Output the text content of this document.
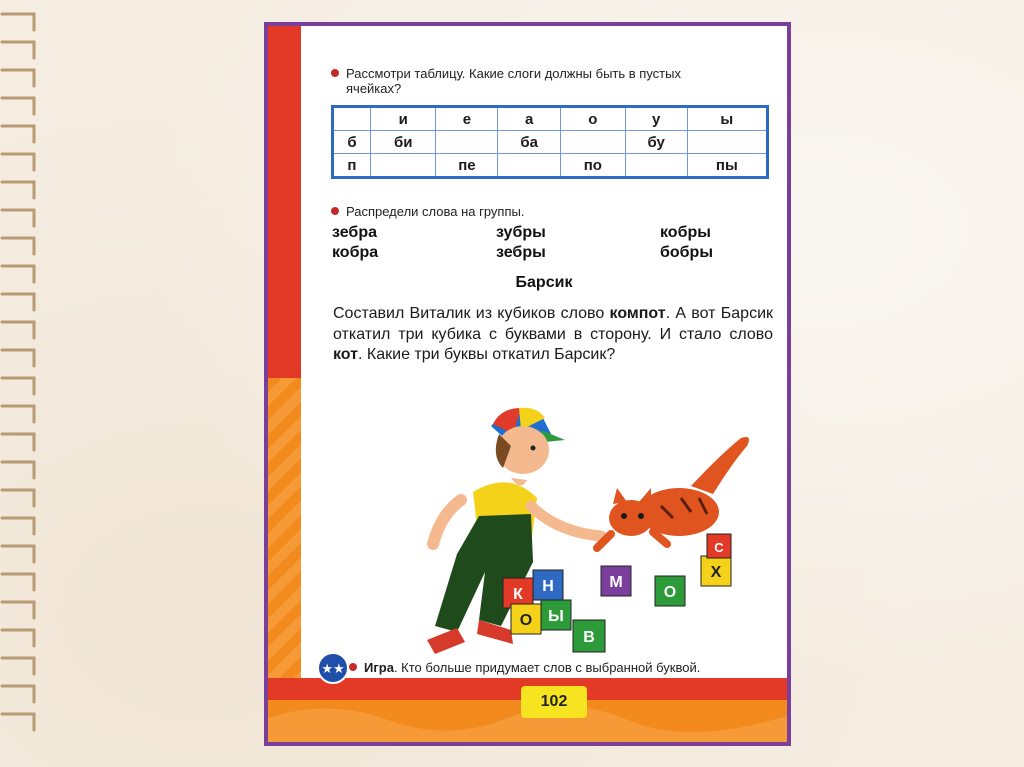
Рассмотри таблицу. Какие слоги должны быть в пустых
ячейках?
	и	е	а	о	у	ы
б	би		ба		бу	
п		пе		по		пы
Распредели слова на группы.
зебра	зубры	кобры
кобра	зебры	бобры
Барсик
Составил Виталик из кубиков слово компот. А вот Барсик откатил три кубика с буквами в сторону. И стало слово кот. Какие три буквы откатил Барсик?
К Н
О Ы
В
М
О
Х
С
★★	Игра. Кто больше придумает слов с выбранной буквой.
102
